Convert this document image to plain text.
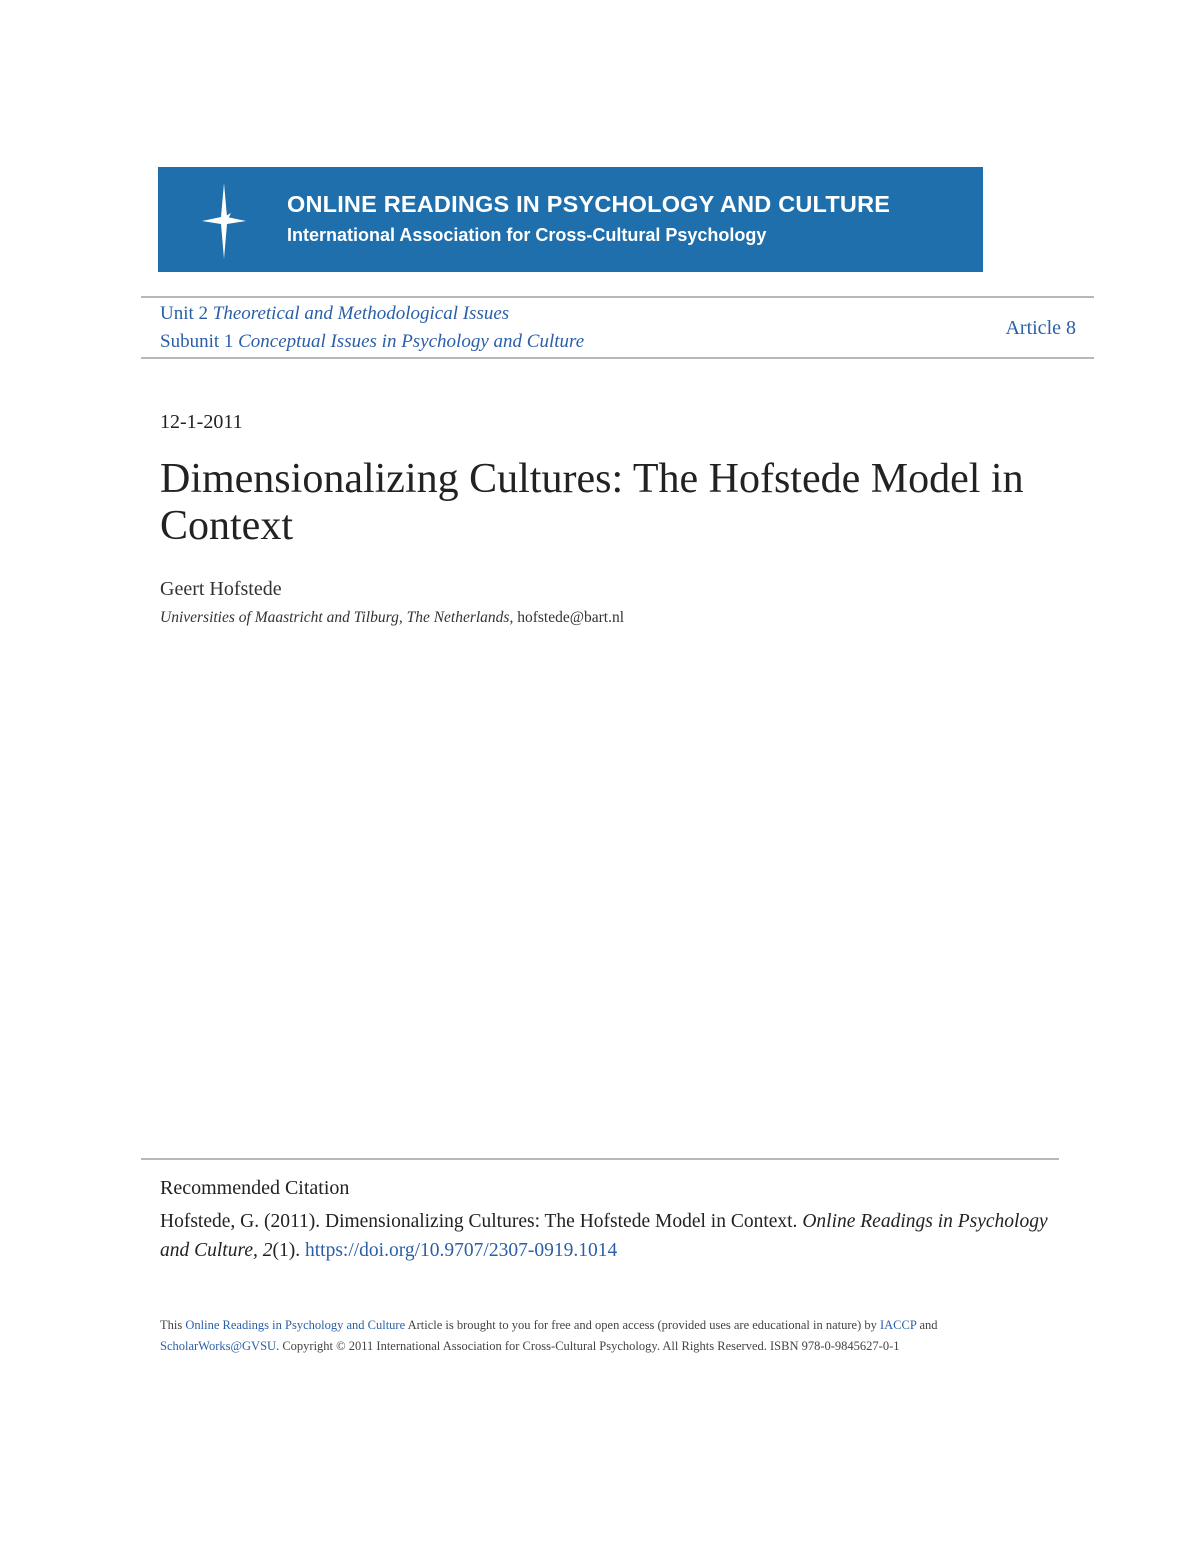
ONLINE READINGS IN PSYCHOLOGY AND CULTURE
International Association for Cross-Cultural Psychology
Unit 2 Theoretical and Methodological Issues
Subunit 1 Conceptual Issues in Psychology and Culture
Article 8
12-1-2011
Dimensionalizing Cultures: The Hofstede Model in Context
Geert Hofstede
Universities of Maastricht and Tilburg, The Netherlands, hofstede@bart.nl
Recommended Citation
Hofstede, G. (2011). Dimensionalizing Cultures: The Hofstede Model in Context. Online Readings in Psychology and Culture, 2(1). https://doi.org/10.9707/2307-0919.1014
This Online Readings in Psychology and Culture Article is brought to you for free and open access (provided uses are educational in nature) by IACCP and ScholarWorks@GVSU. Copyright © 2011 International Association for Cross-Cultural Psychology. All Rights Reserved. ISBN 978-0-9845627-0-1
